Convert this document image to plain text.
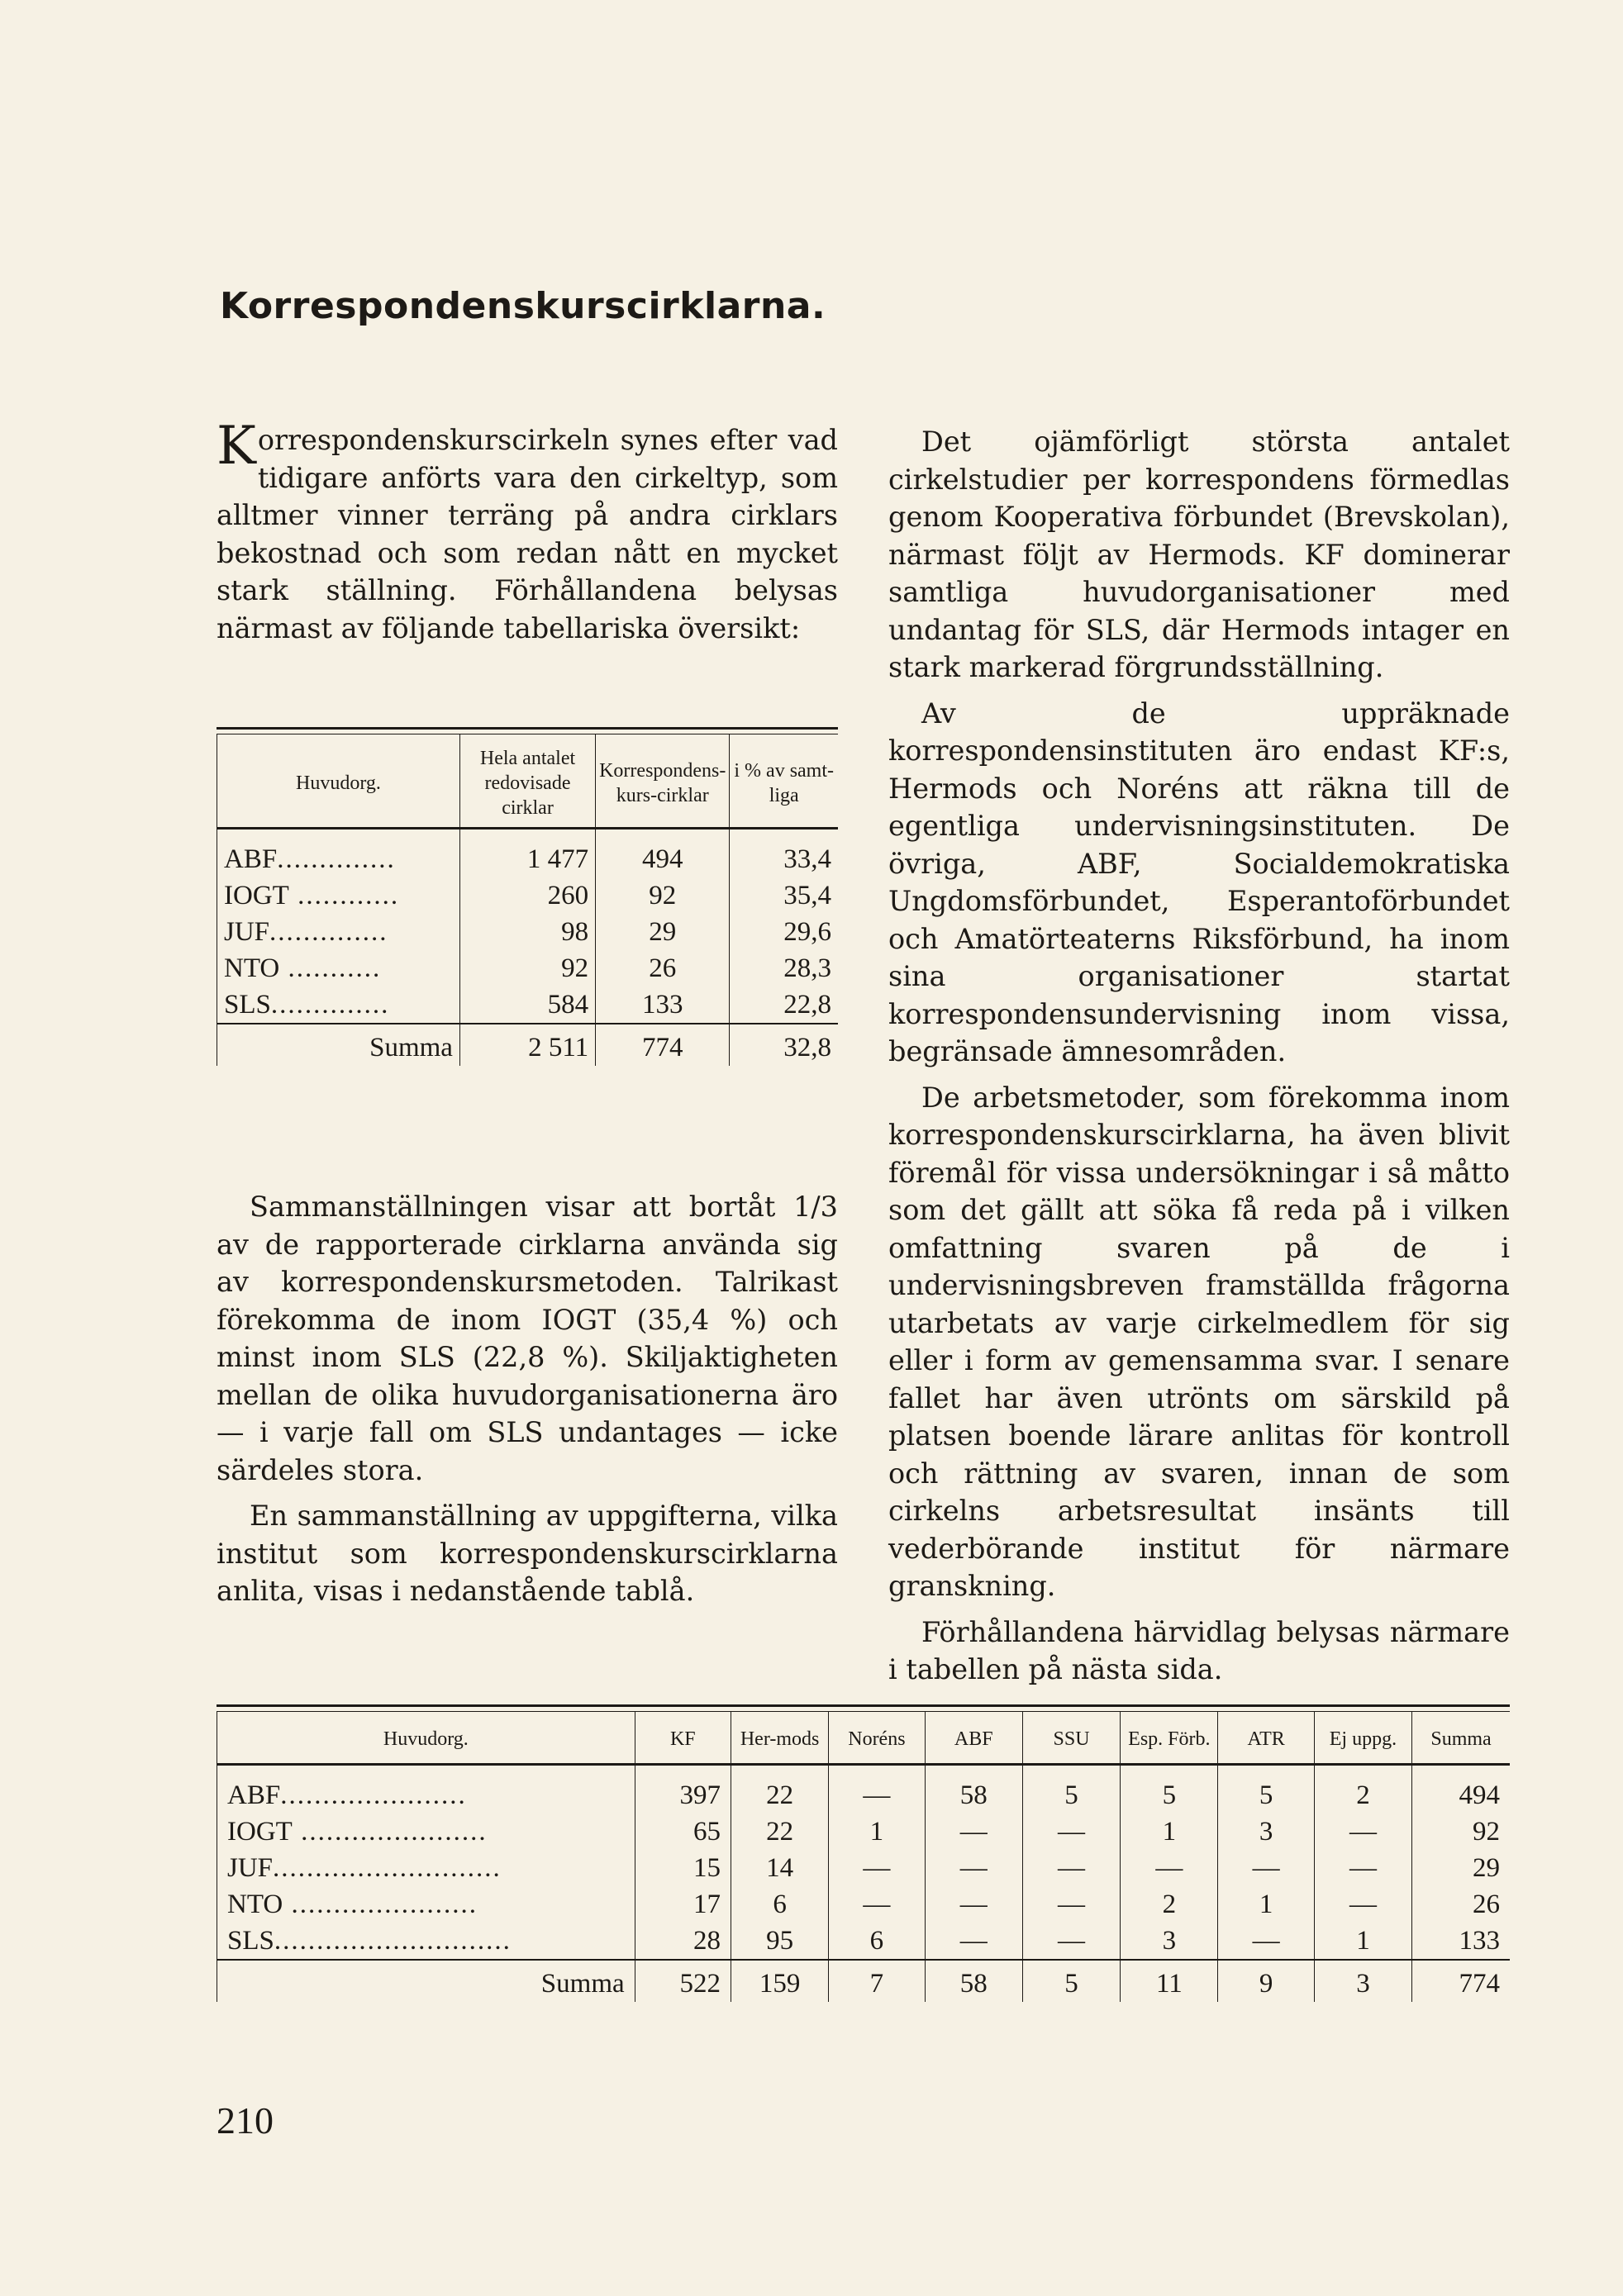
Korrespondenskurscirklarna.

Korrespondenskurscirkeln synes efter vad tidigare anförts vara den cirkeltyp, som alltmer vinner terräng på andra cirklars bekostnad och som redan nått en mycket stark ställning. Förhållandena belysas närmast av följande tabellariska översikt:

Huvudorg.	Hela antalet redovisade cirklar	Korrespondens-kurs-cirklar	i % av samt-liga
ABF..............	1 477	494	33,4
IOGT ............	260	92	35,4
JUF..............	98	29	29,6
NTO ...........	92	26	28,3
SLS..............	584	133	22,8
Summa	2 511	774	32,8

Sammanställningen visar att bortåt 1/3 av de rapporterade cirklarna använda sig av korrespondenskursmetoden. Talrikast förekomma de inom IOGT (35,4 %) och minst inom SLS (22,8 %). Skiljaktigheten mellan de olika huvudorganisationerna äro — i varje fall om SLS undantages — icke särdeles stora.

En sammanställning av uppgifterna, vilka institut som korrespondenskurscirklarna anlita, visas i nedanstående tablå.

Det ojämförligt största antalet cirkelstudier per korrespondens förmedlas genom Kooperativa förbundet (Brevskolan), närmast följt av Hermods. KF dominerar samtliga huvudorganisationer med undantag för SLS, där Hermods intager en stark markerad förgrundsställning.

Av de uppräknade korrespondensinstituten äro endast KF:s, Hermods och Noréns att räkna till de egentliga undervisningsinstituten. De övriga, ABF, Socialdemokratiska Ungdomsförbundet, Esperantoförbundet och Amatörteaterns Riksförbund, ha inom sina organisationer startat korrespondensundervisning inom vissa, begränsade ämnesområden.

De arbetsmetoder, som förekomma inom korrespondenskurscirklarna, ha även blivit föremål för vissa undersökningar i så måtto som det gällt att söka få reda på i vilken omfattning svaren på de i undervisningsbreven framställda frågorna utarbetats av varje cirkelmedlem för sig eller i form av gemensamma svar. I senare fallet har även utrönts om särskild på platsen boende lärare anlitas för kontroll och rättning av svaren, innan de som cirkelns arbetsresultat insänts till vederbörande institut för närmare granskning.

Förhållandena härvidlag belysas närmare i tabellen på nästa sida.

Huvudorg.	KF	Her-mods	Noréns	ABF	SSU	Esp. Förb.	ATR	Ej uppg.	Summa
ABF......................	397	22	—	58	5	5	5	2	494
IOGT ......................	65	22	1	—	—	1	3	—	92
JUF...........................	15	14	—	—	—	—	—	—	29
NTO ......................	17	6	—	—	—	2	1	—	26
SLS............................	28	95	6	—	—	3	—	1	133
Summa	522	159	7	58	5	11	9	3	774
210
